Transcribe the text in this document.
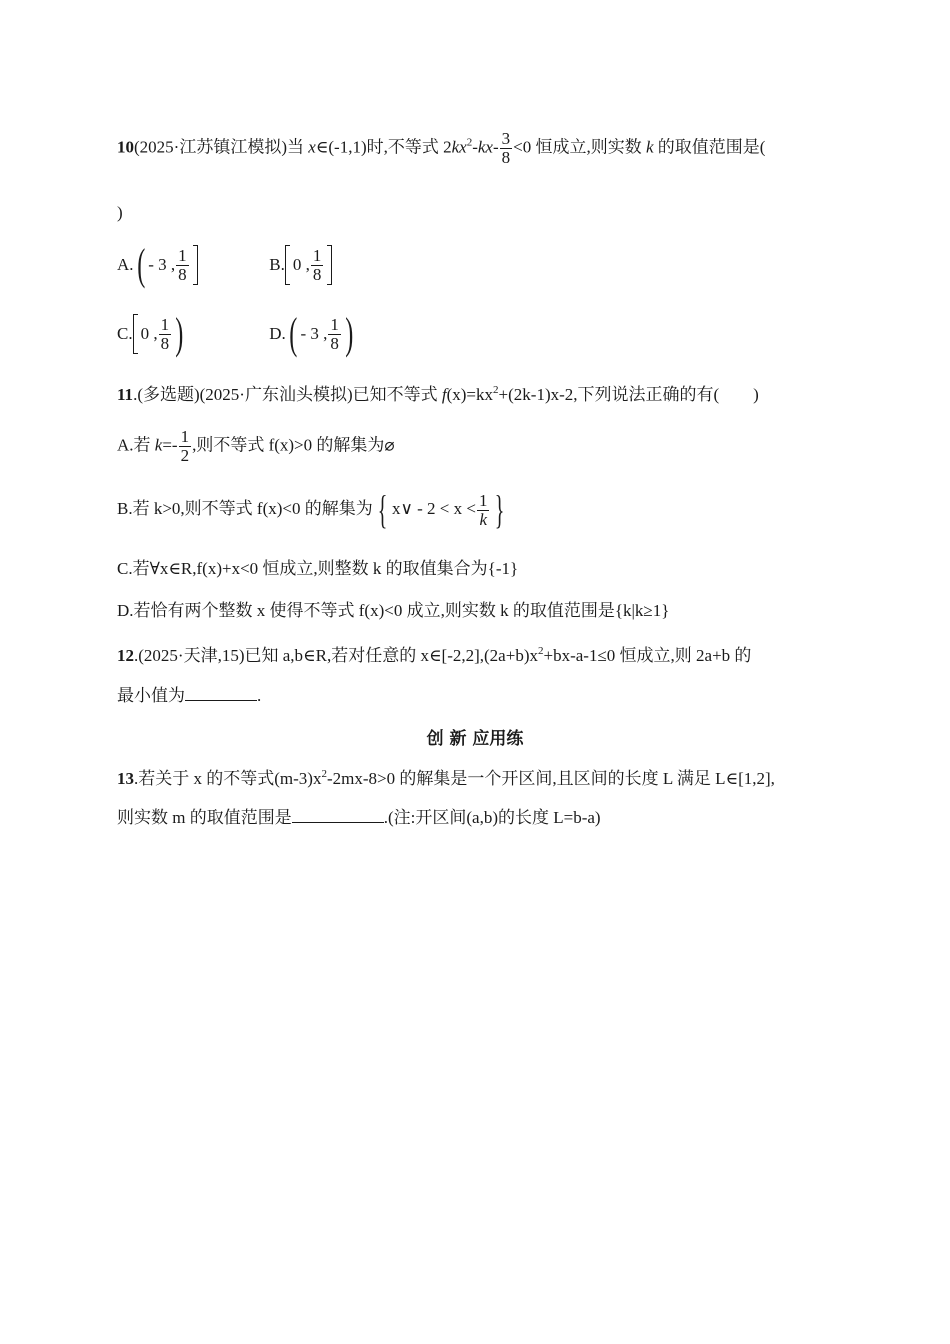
10(2025·江苏镇江模拟)当 x∈(-1,1)时,不等式 $2kx^2-kx- \frac{3}{8} <0$ 恒成立,则实数 k 的取值范围是(
)
A. ( - 3 , $\frac{1}{8}$
	B. 0 , $\frac{1}{8}$
C. 0 , $\frac{1}{8}$ )
	D. ( - 3 , $\frac{1}{8}$ )
11.(多选题)(2025·广东汕头模拟)已知不等式 $f(x)=kx^2+(2k-1)x-2$,下列说法正确的有(　　)
A.若 $k=- \frac{1}{2}$ ,则不等式 f(x)>0 的解集为⌀
B.若 k>0,则不等式 f(x)<0 的解集为 { x∨ - $2 < x < \frac{1}{k}$ }
C.若∀x∈R,f(x)+x<0 恒成立,则整数 k 的取值集合为{-1}
D.若恰有两个整数 x 使得不等式 f(x)<0 成立,则实数 k 的取值范围是{k|k≥1}
12.(2025·天津,15)已知 a,b∈R,若对任意的 $x\in[-2,2],(2a+b)x^2+bx-a-1\le 0$ 恒成立,则 2a+b 的
最小值为	.
创 新 应用练
13.若关于 x 的不等式$(m-3)x^2-2mx-8>0$ 的解集是一个开区间,且区间的长度 L 满足 L∈[1,2],
则实数 m 的取值范围是	.(注:开区间(a,b)的长度 L=b-a)
